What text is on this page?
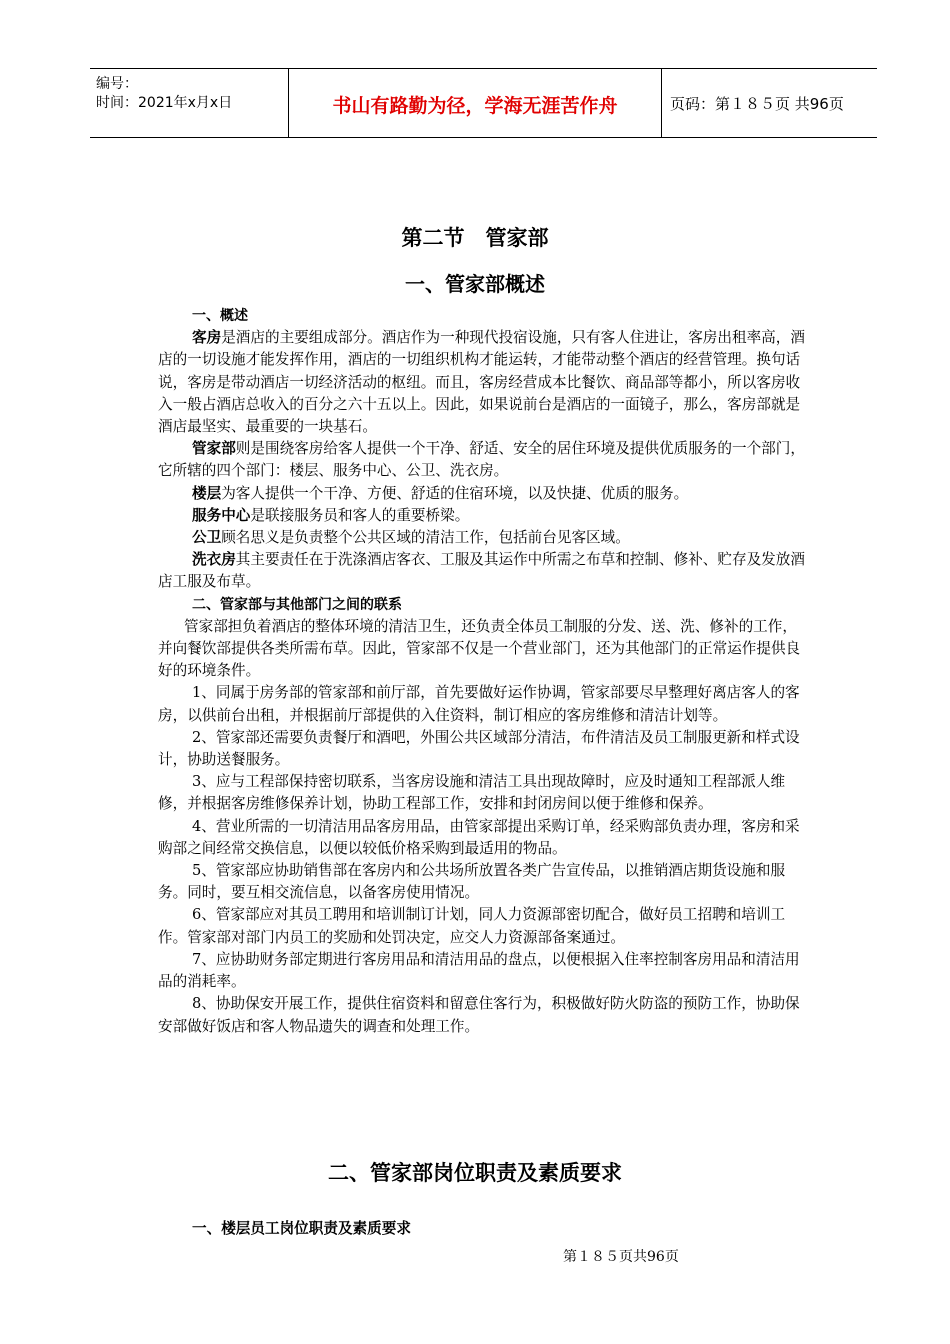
编号：
时间：2021年x月x日	书山有路勤为径，学海无涯苦作舟	页码：第１８５页 共96页
第二节　管家部
一、管家部概述

一、概述

客房是酒店的主要组成部分。酒店作为一种现代投宿设施，只有客人住进让，客房出租率高，酒店的一切设施才能发挥作用，酒店的一切组织机构才能运转，才能带动整个酒店的经营管理。换句话说，客房是带动酒店一切经济活动的枢纽。而且，客房经营成本比餐饮、商品部等都小，所以客房收入一般占酒店总收入的百分之六十五以上。因此，如果说前台是酒店的一面镜子，那么，客房部就是酒店最坚实、最重要的一块基石。

管家部则是围绕客房给客人提供一个干净、舒适、安全的居住环境及提供优质服务的一个部门，它所辖的四个部门：楼层、服务中心、公卫、洗衣房。

楼层为客人提供一个干净、方便、舒适的住宿环境，以及快捷、优质的服务。

服务中心是联接服务员和客人的重要桥梁。

公卫顾名思义是负责整个公共区域的清洁工作，包括前台见客区域。

洗衣房其主要责任在于洗涤酒店客衣、工服及其运作中所需之布草和控制、修补、贮存及发放酒店工服及布草。

二、管家部与其他部门之间的联系

管家部担负着酒店的整体环境的清洁卫生，还负责全体员工制服的分发、送、洗、修补的工作，并向餐饮部提供各类所需布草。因此，管家部不仅是一个营业部门，还为其他部门的正常运作提供良好的环境条件。

1、同属于房务部的管家部和前厅部，首先要做好运作协调，管家部要尽早整理好离店客人的客房，以供前台出租，并根据前厅部提供的入住资料，制订相应的客房维修和清洁计划等。

2、管家部还需要负责餐厅和酒吧，外围公共区域部分清洁，布件清洁及员工制服更新和样式设计，协助送餐服务。

3、应与工程部保持密切联系，当客房设施和清洁工具出现故障时，应及时通知工程部派人维修，并根据客房维修保养计划，协助工程部工作，安排和封闭房间以便于维修和保养。

4、营业所需的一切清洁用品客房用品，由管家部提出采购订单，经采购部负责办理，客房和采购部之间经常交换信息，以便以较低价格采购到最适用的物品。

5、管家部应协助销售部在客房内和公共场所放置各类广告宣传品，以推销酒店期货设施和服务。同时，要互相交流信息，以备客房使用情况。

6、管家部应对其员工聘用和培训制订计划，同人力资源部密切配合，做好员工招聘和培训工作。管家部对部门内员工的奖励和处罚决定，应交人力资源部备案通过。

7、应协助财务部定期进行客房用品和清洁用品的盘点，以便根据入住率控制客房用品和清洁用品的消耗率。

8、协助保安开展工作，提供住宿资料和留意住客行为，积极做好防火防盗的预防工作，协助保安部做好饭店和客人物品遗失的调查和处理工作。

二、管家部岗位职责及素质要求
一、楼层员工岗位职责及素质要求
第１８５页共96页
